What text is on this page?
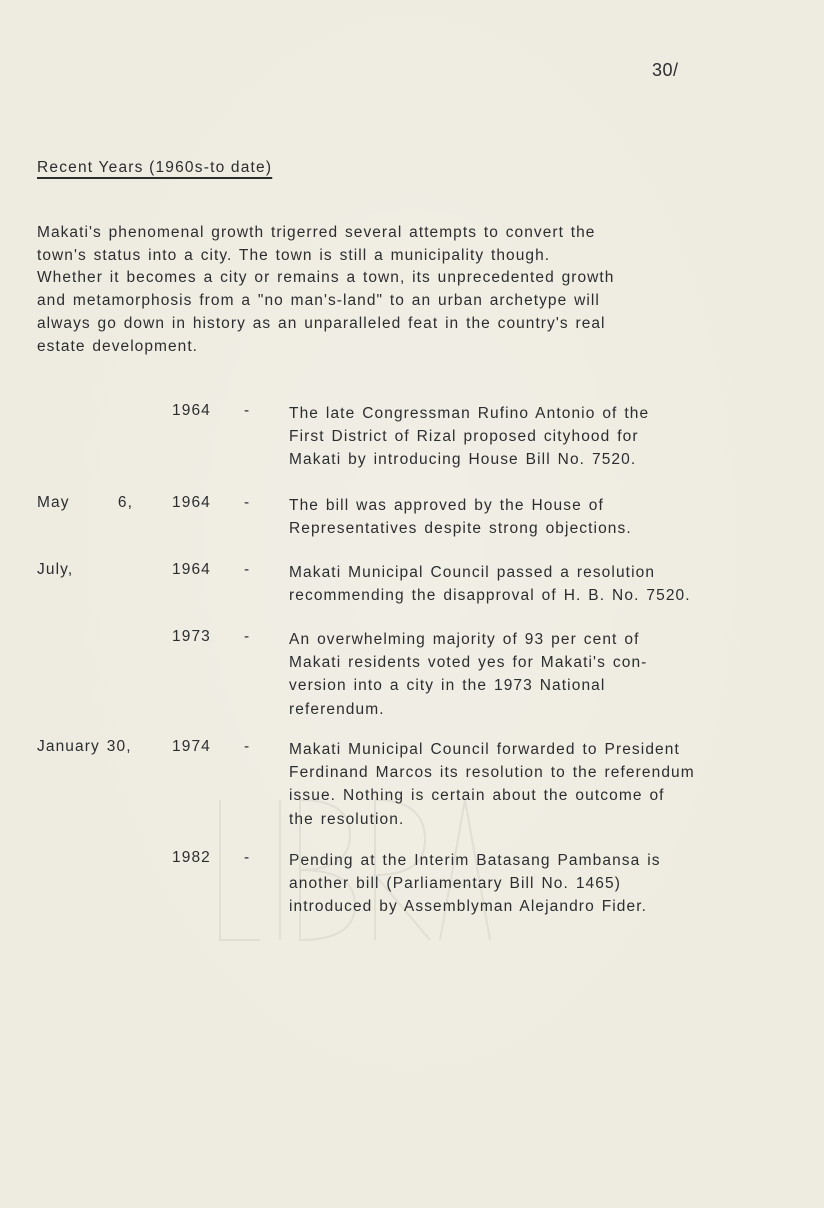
30/
Recent Years (1960s-to date)
Makati's phenomenal growth trigerred several attempts to convert the
town's status into a city. The town is still a municipality though.
Whether it becomes a city or remains a town, its unprecedented growth
and metamorphosis from a "no man's-land" to an urban archetype will
always go down in history as an unparalleled feat in the country's real
estate development.
1964 - The late Congressman Rufino Antonio of the
First District of Rizal proposed cityhood for
Makati by introducing House Bill No. 7520.
May       6,	1964 - The bill was approved by the House of
Representatives despite strong objections.
July,	1964 - Makati Municipal Council passed a resolution
recommending the disapproval of H. B. No. 7520.
1973 - An overwhelming majority of 93 per cent of
Makati residents voted yes for Makati's con-
version into a city in the 1973 National
referendum.
January 30,	1974 - Makati Municipal Council forwarded to President
Ferdinand Marcos its resolution to the referendum
issue. Nothing is certain about the outcome of
the resolution.
1982 - Pending at the Interim Batasang Pambansa is
another bill (Parliamentary Bill No. 1465)
introduced by Assemblyman Alejandro Fider.
